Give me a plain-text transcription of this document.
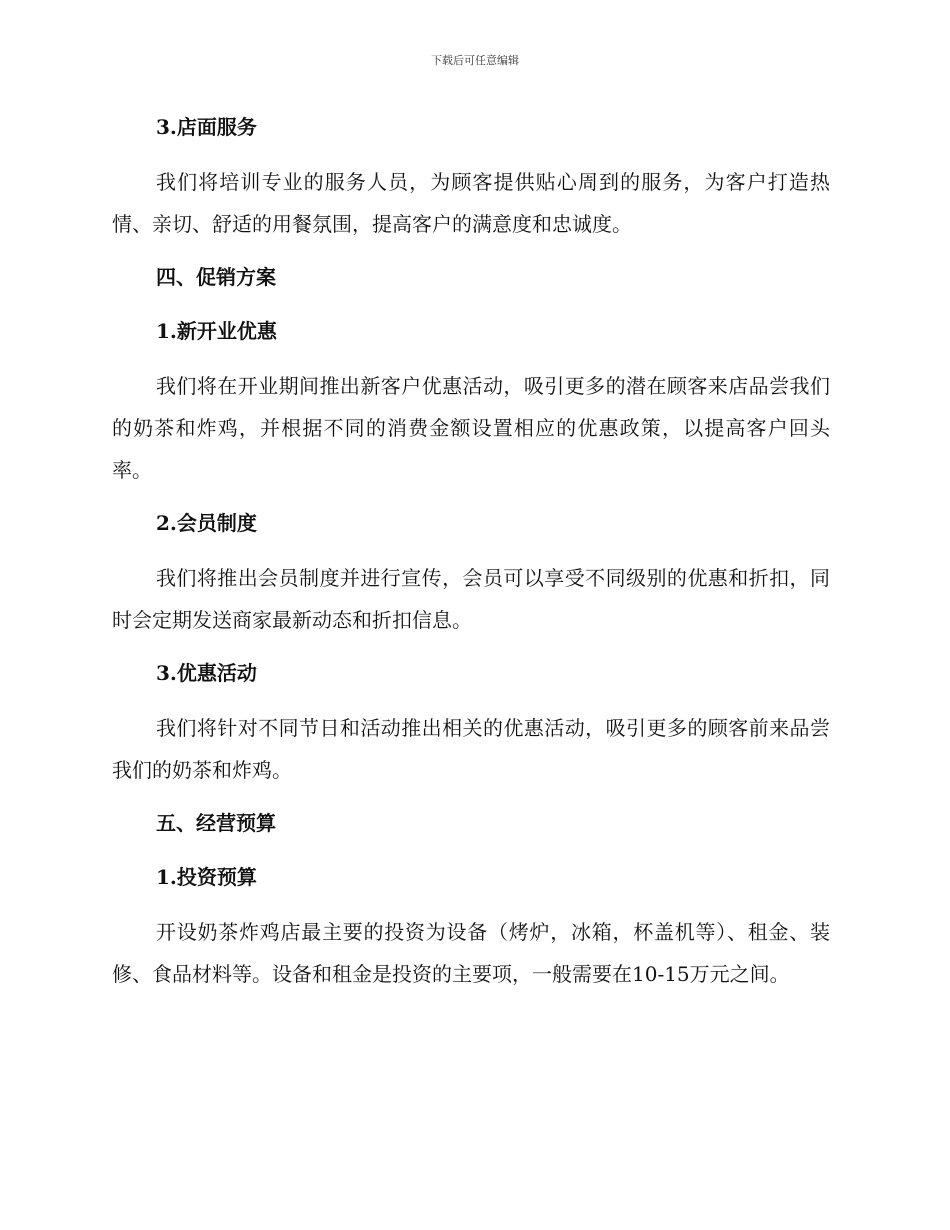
下载后可任意编辑

3.店面服务

我们将培训专业的服务人员，为顾客提供贴心周到的服务，为客户打造热情、亲切、舒适的用餐氛围，提高客户的满意度和忠诚度。

四、促销方案

1.新开业优惠

我们将在开业期间推出新客户优惠活动，吸引更多的潜在顾客来店品尝我们的奶茶和炸鸡，并根据不同的消费金额设置相应的优惠政策，以提高客户回头率。

2.会员制度

我们将推出会员制度并进行宣传，会员可以享受不同级别的优惠和折扣，同时会定期发送商家最新动态和折扣信息。

3.优惠活动

我们将针对不同节日和活动推出相关的优惠活动，吸引更多的顾客前来品尝我们的奶茶和炸鸡。

五、经营预算

1.投资预算

开设奶茶炸鸡店最主要的投资为设备（烤炉，冰箱，杯盖机等）、租金、装修、食品材料等。设备和租金是投资的主要项，一般需要在10-15万元之间。
